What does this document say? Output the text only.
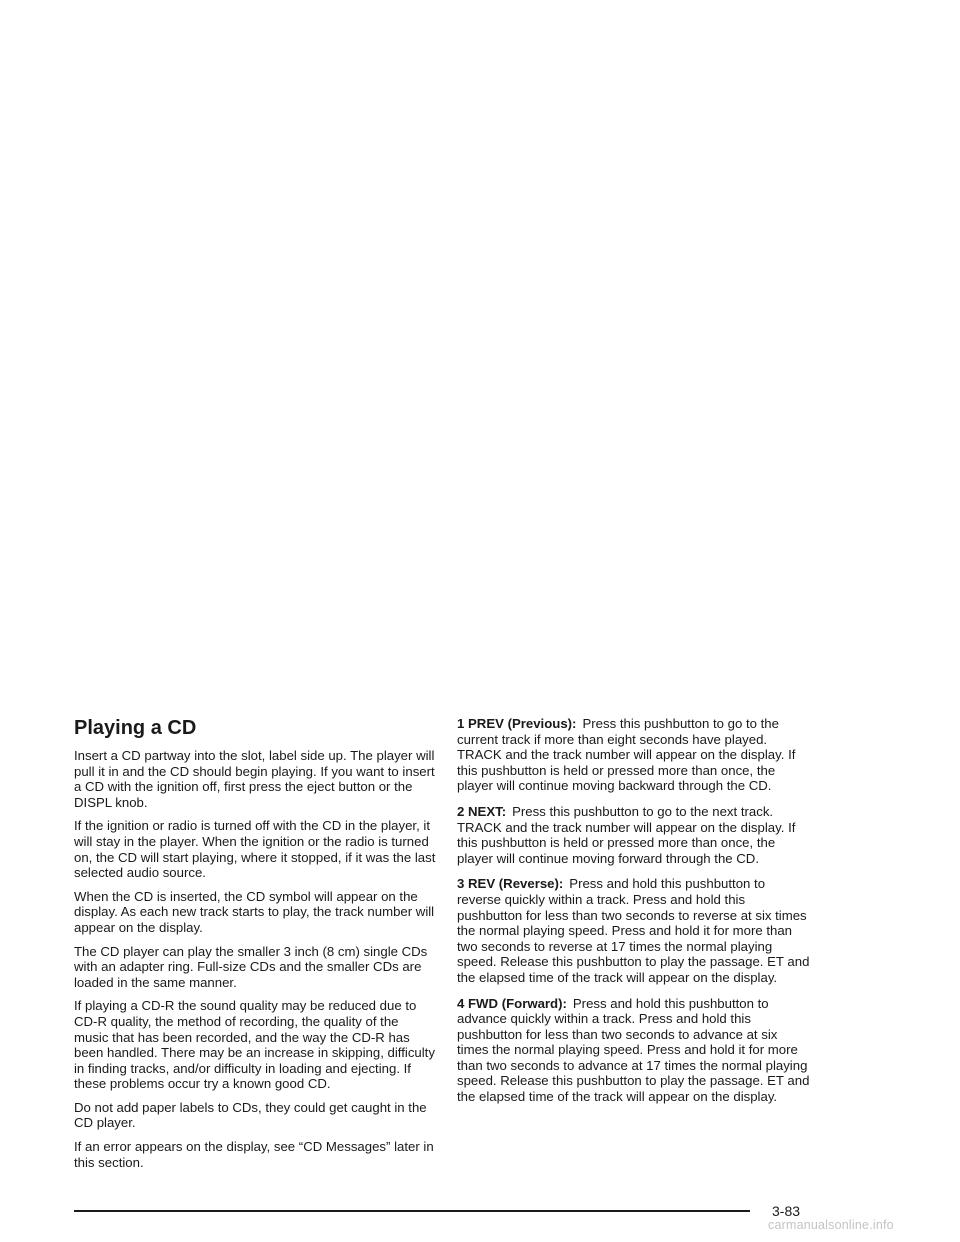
Playing a CD

Insert a CD partway into the slot, label side up. The player will pull it in and the CD should begin playing. If you want to insert a CD with the ignition off, first press the eject button or the DISPL knob.

If the ignition or radio is turned off with the CD in the player, it will stay in the player. When the ignition or the radio is turned on, the CD will start playing, where it stopped, if it was the last selected audio source.

When the CD is inserted, the CD symbol will appear on the display. As each new track starts to play, the track number will appear on the display.

The CD player can play the smaller 3 inch (8 cm) single CDs with an adapter ring. Full-size CDs and the smaller CDs are loaded in the same manner.

If playing a CD-R the sound quality may be reduced due to CD-R quality, the method of recording, the quality of the music that has been recorded, and the way the CD-R has been handled. There may be an increase in skipping, difficulty in finding tracks, and/or difficulty in loading and ejecting. If these problems occur try a known good CD.

Do not add paper labels to CDs, they could get caught in the CD player.

If an error appears on the display, see “CD Messages” later in this section.

1 PREV (Previous): Press this pushbutton to go to the current track if more than eight seconds have played. TRACK and the track number will appear on the display. If this pushbutton is held or pressed more than once, the player will continue moving backward through the CD.

2 NEXT: Press this pushbutton to go to the next track. TRACK and the track number will appear on the display. If this pushbutton is held or pressed more than once, the player will continue moving forward through the CD.

3 REV (Reverse): Press and hold this pushbutton to reverse quickly within a track. Press and hold this pushbutton for less than two seconds to reverse at six times the normal playing speed. Press and hold it for more than two seconds to reverse at 17 times the normal playing speed. Release this pushbutton to play the passage. ET and the elapsed time of the track will appear on the display.

4 FWD (Forward): Press and hold this pushbutton to advance quickly within a track. Press and hold this pushbutton for less than two seconds to advance at six times the normal playing speed. Press and hold it for more than two seconds to advance at 17 times the normal playing speed. Release this pushbutton to play the passage. ET and the elapsed time of the track will appear on the display.

3-83
carmanualsonline.info
